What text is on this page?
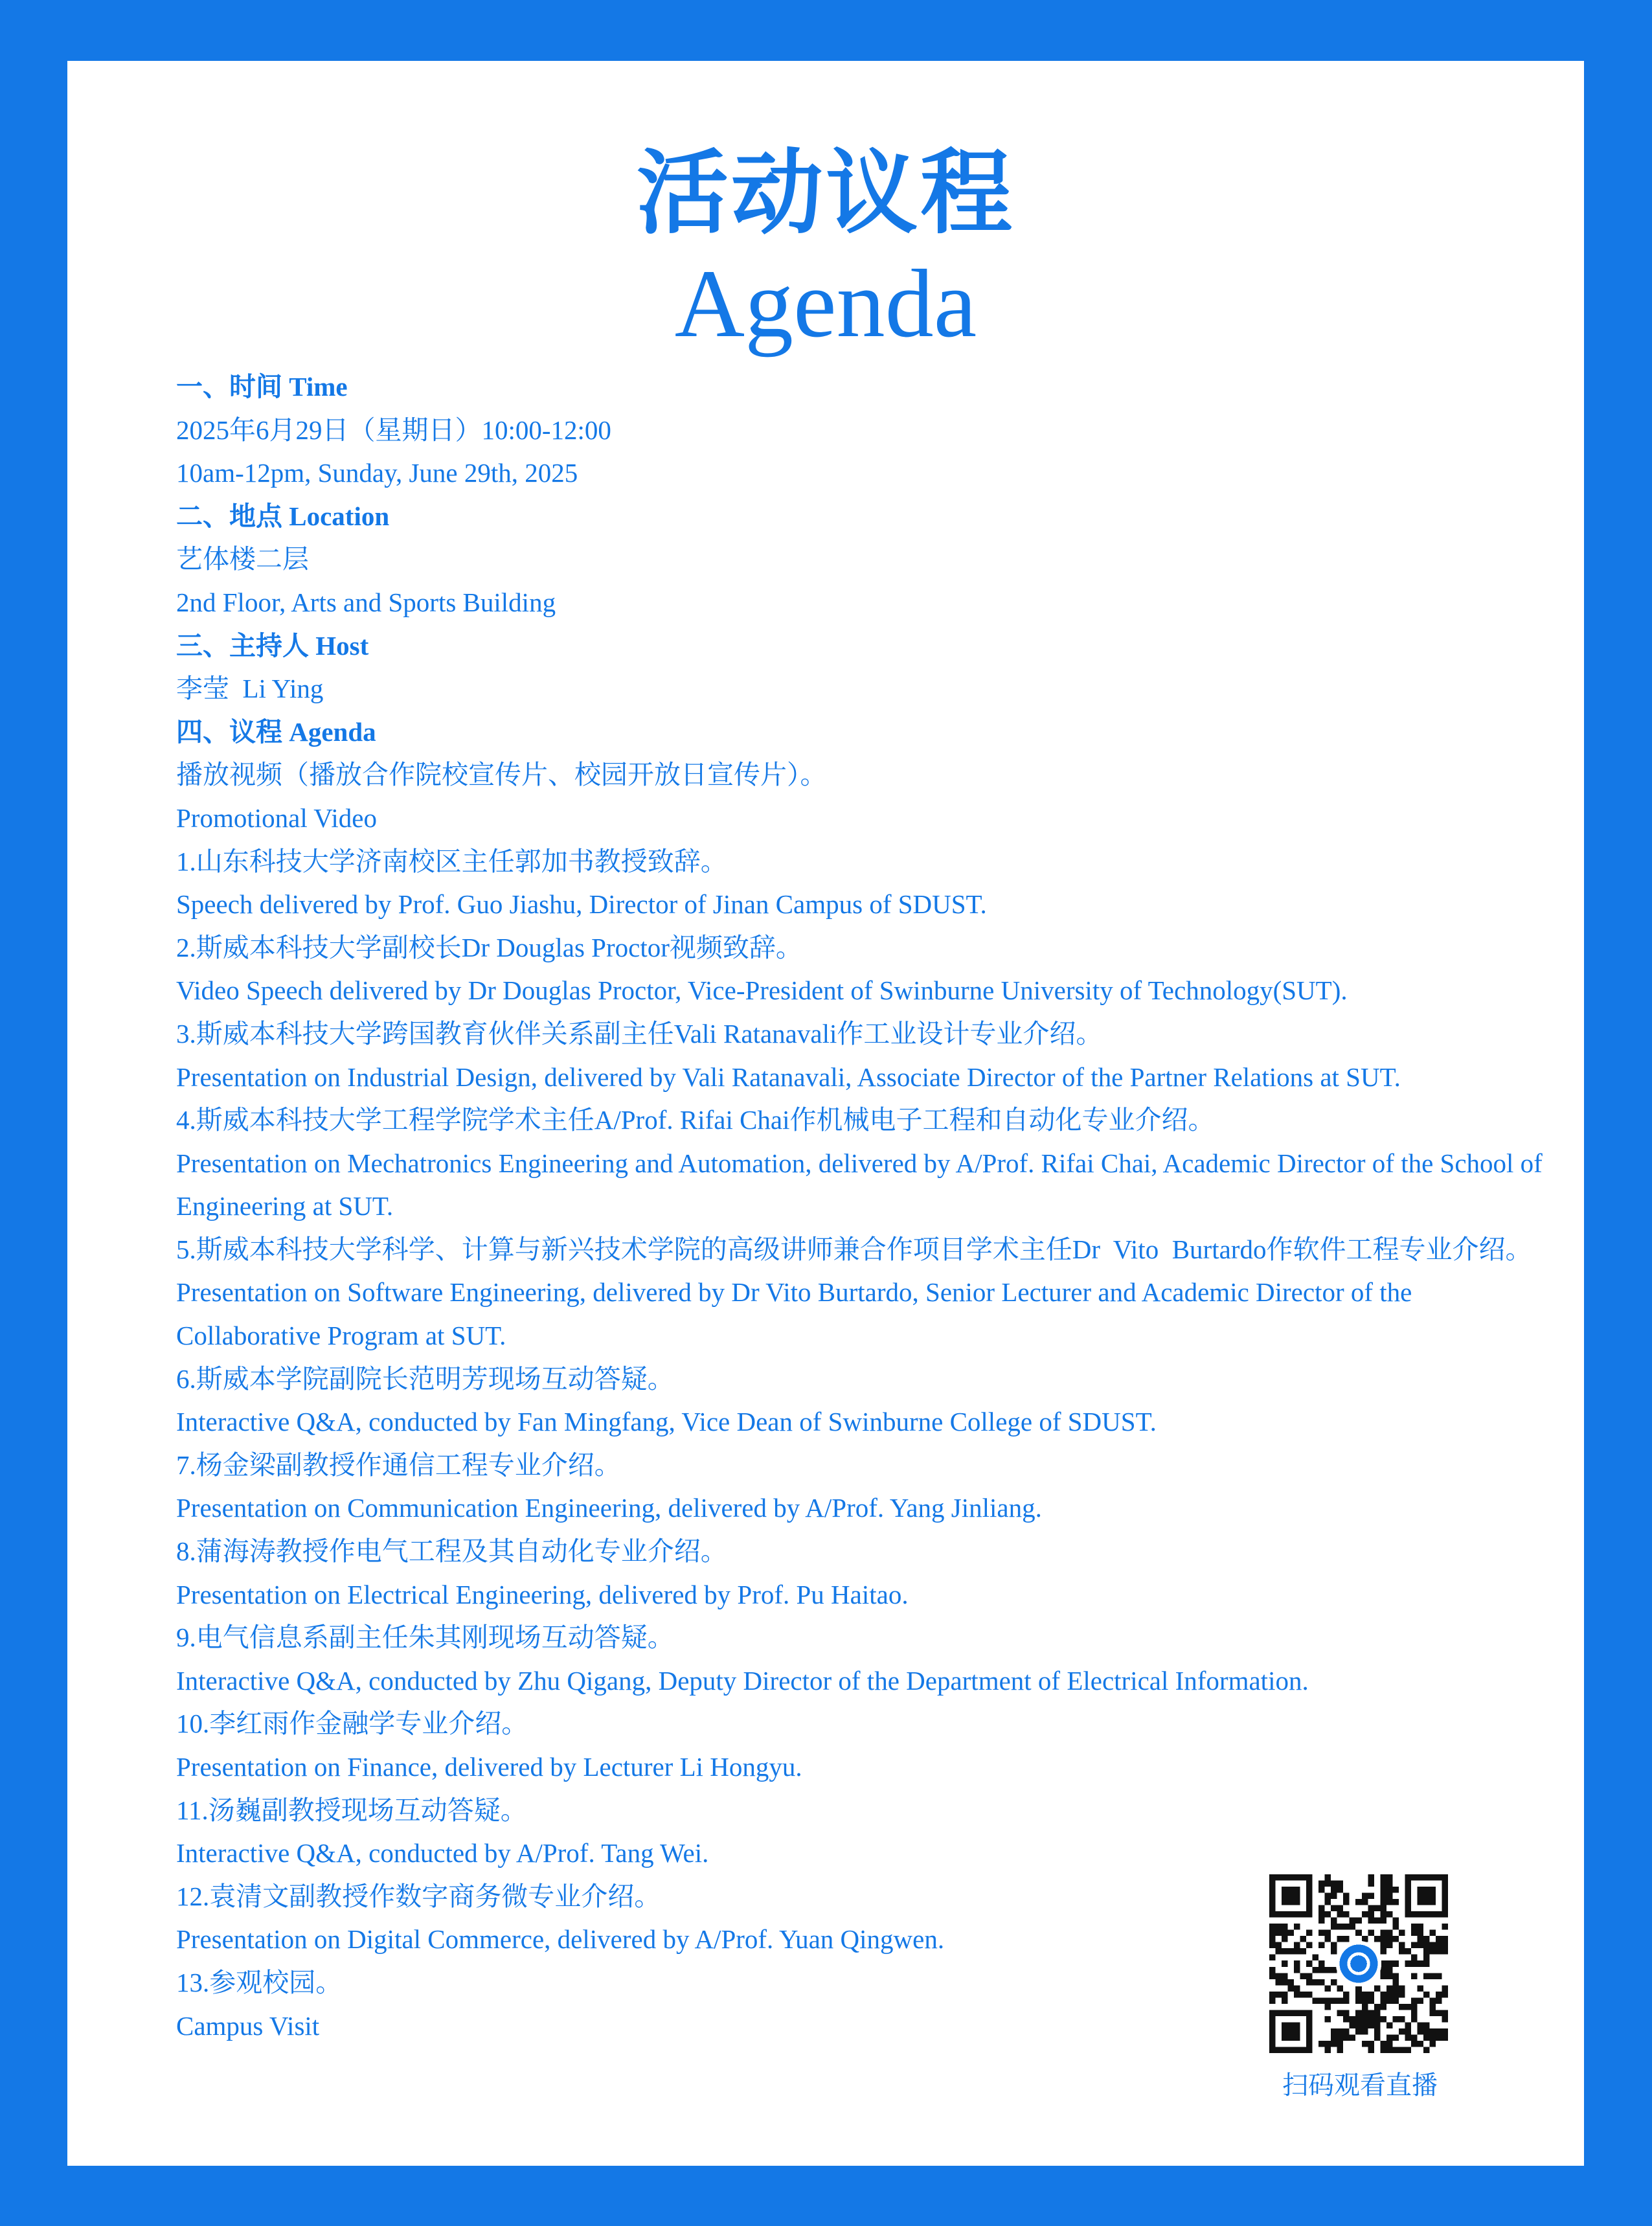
活动议程
Agenda

一、时间 Time

2025年6月29日（星期日）10:00-12:00

10am-12pm, Sunday, June 29th, 2025

二、地点 Location

艺体楼二层

2nd Floor, Arts and Sports Building

三、主持人 Host

李莹  Li Ying

四、议程 Agenda

播放视频（播放合作院校宣传片、校园开放日宣传片）。

Promotional Video

1.山东科技大学济南校区主任郭加书教授致辞。

Speech delivered by Prof. Guo Jiashu, Director of Jinan Campus of SDUST.

2.斯威本科技大学副校长Dr Douglas Proctor视频致辞。

Video Speech delivered by Dr Douglas Proctor, Vice-President of Swinburne University of Technology(SUT).

3.斯威本科技大学跨国教育伙伴关系副主任Vali Ratanavali作工业设计专业介绍。

Presentation on Industrial Design, delivered by Vali Ratanavali, Associate Director of the Partner Relations at SUT.

4.斯威本科技大学工程学院学术主任A/Prof. Rifai Chai作机械电子工程和自动化专业介绍。

Presentation on Mechatronics Engineering and Automation, delivered by A/Prof. Rifai Chai, Academic Director of the School of Engineering at SUT.

5.斯威本科技大学科学、计算与新兴技术学院的高级讲师兼合作项目学术主任Dr  Vito  Burtardo作软件工程专业介绍。

Presentation on Software Engineering, delivered by Dr Vito Burtardo, Senior Lecturer and Academic Director of the Collaborative Program at SUT.

6.斯威本学院副院长范明芳现场互动答疑。

Interactive Q&A, conducted by Fan Mingfang, Vice Dean of Swinburne College of SDUST.

7.杨金梁副教授作通信工程专业介绍。

Presentation on Communication Engineering, delivered by A/Prof. Yang Jinliang.

8.蒲海涛教授作电气工程及其自动化专业介绍。

Presentation on Electrical Engineering, delivered by Prof. Pu Haitao.

9.电气信息系副主任朱其刚现场互动答疑。

Interactive Q&A, conducted by Zhu Qigang, Deputy Director of the Department of Electrical Information.

10.李红雨作金融学专业介绍。

Presentation on Finance, delivered by Lecturer Li Hongyu.

11.汤巍副教授现场互动答疑。

Interactive Q&A, conducted by A/Prof. Tang Wei.

12.袁清文副教授作数字商务微专业介绍。

Presentation on Digital Commerce, delivered by A/Prof. Yuan Qingwen.

13.参观校园。

Campus Visit

扫码观看直播
